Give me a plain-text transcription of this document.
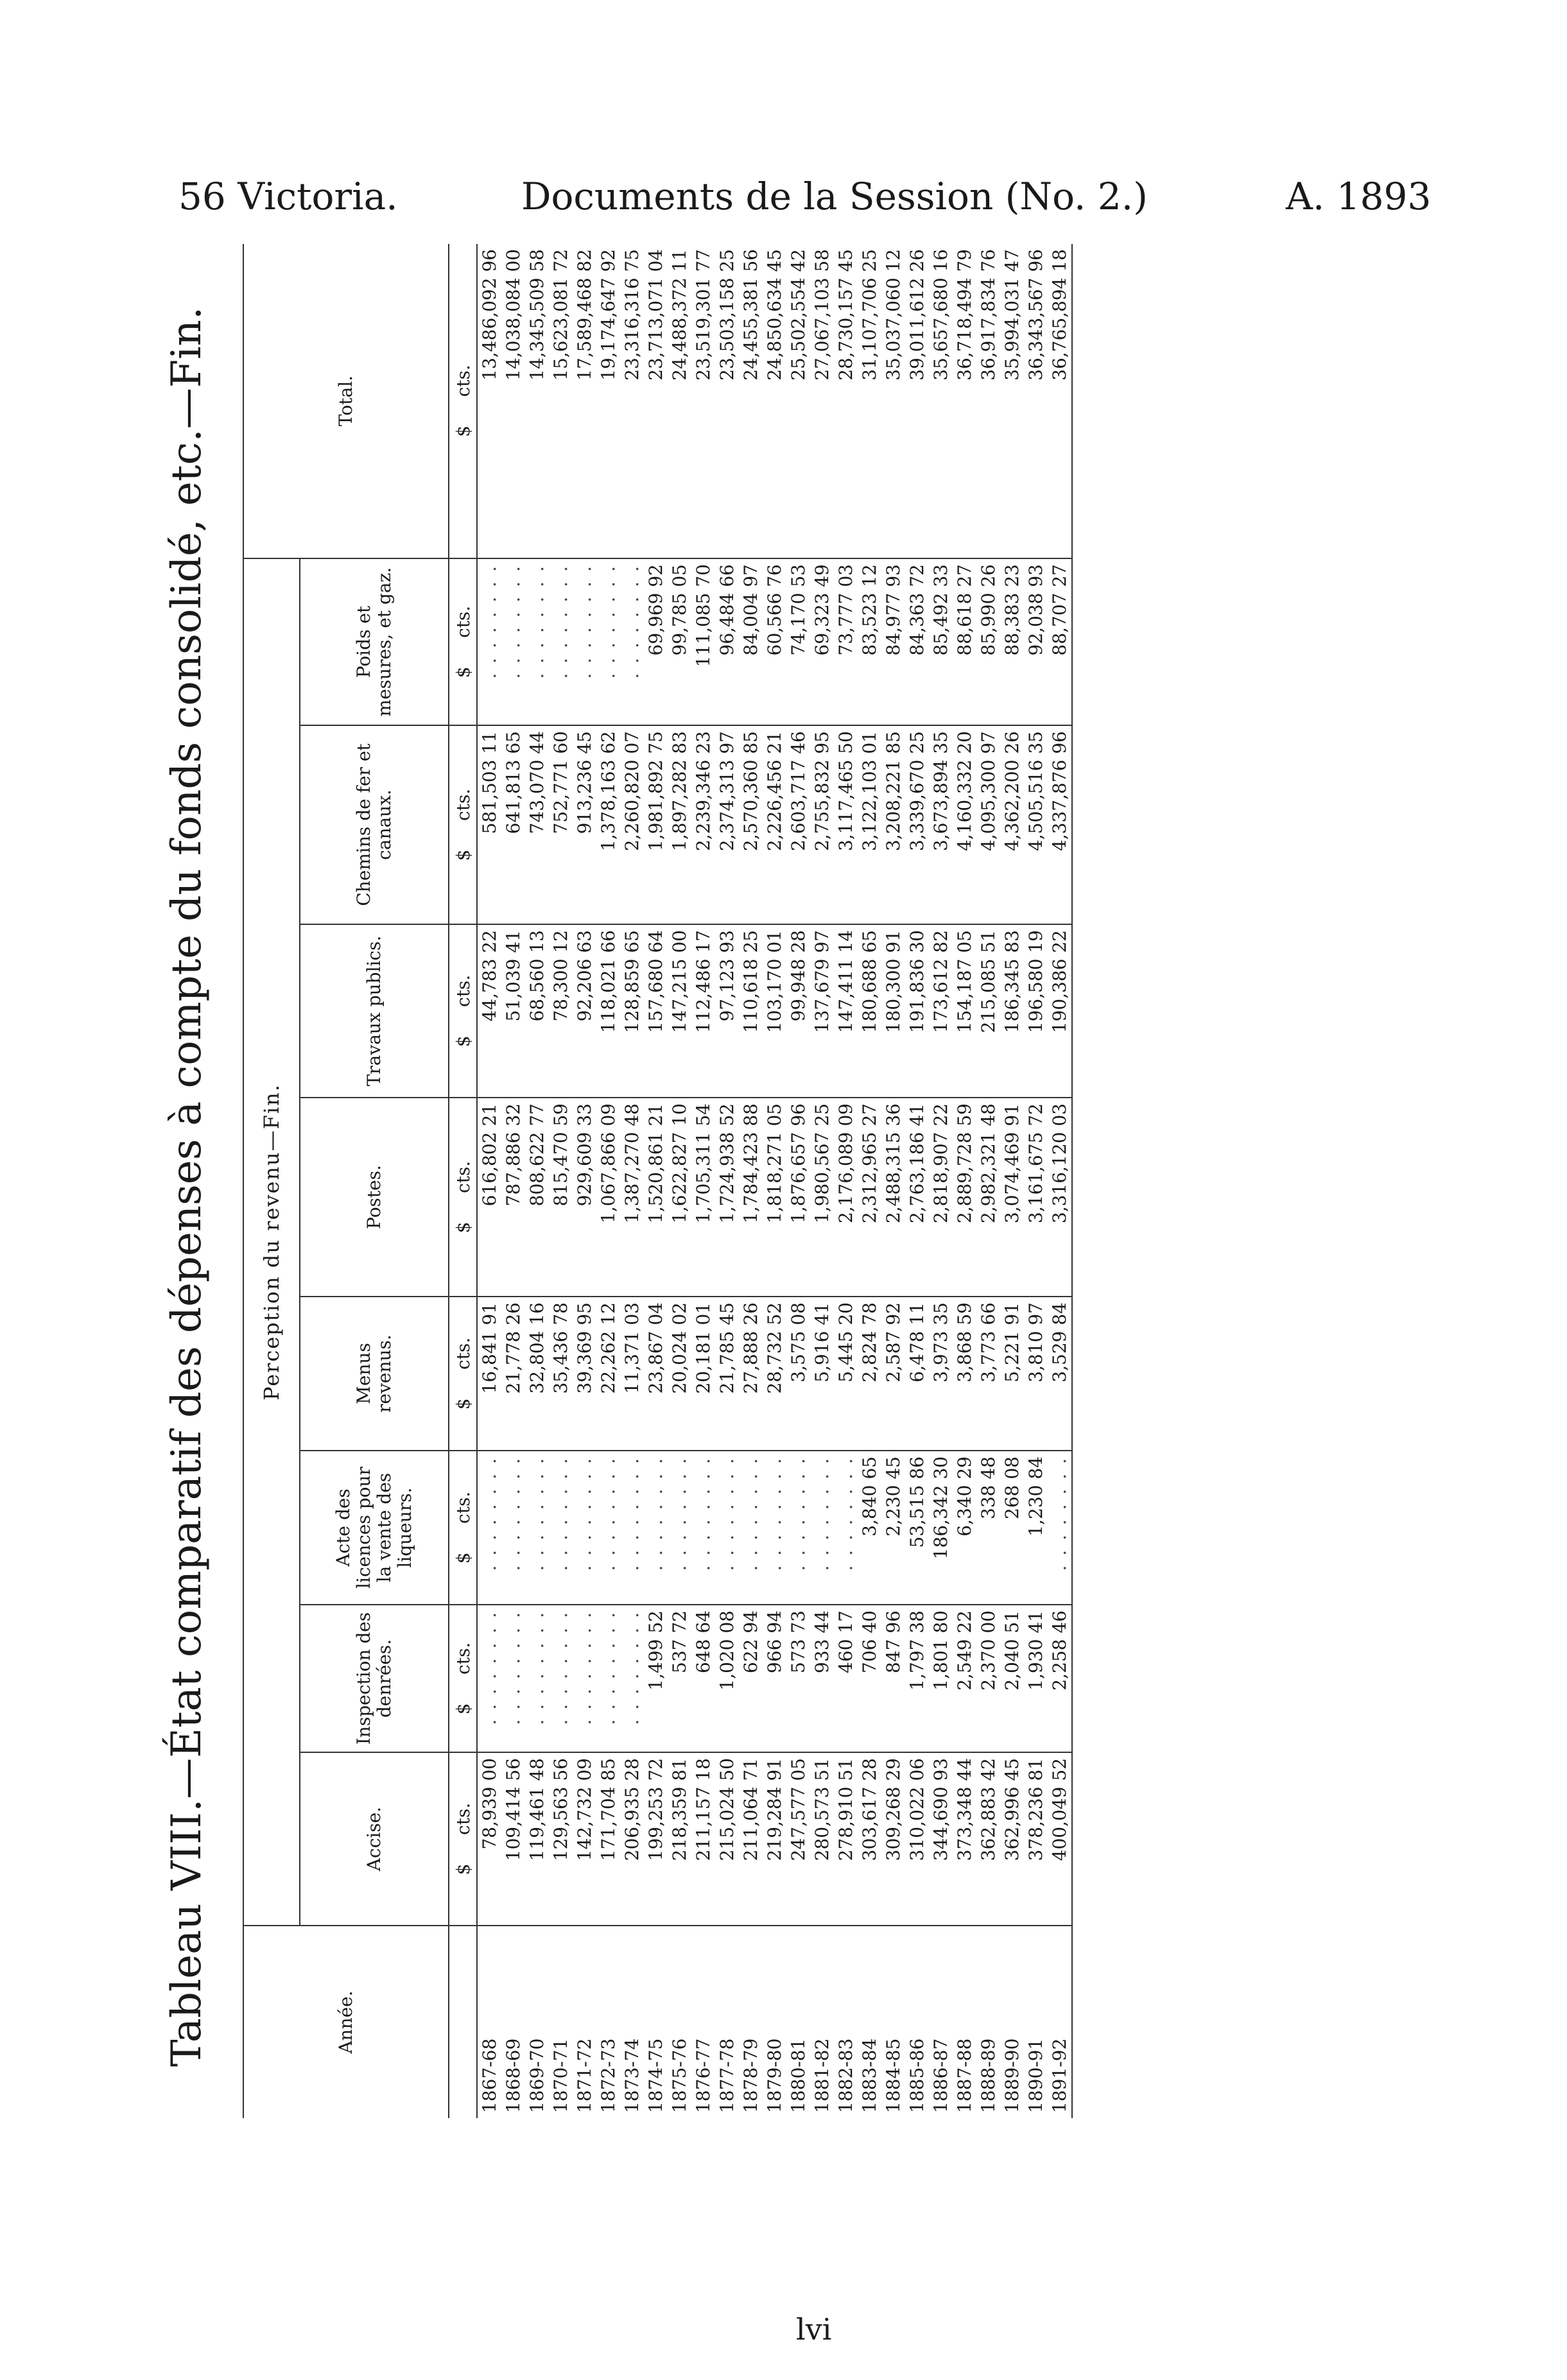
56 Victoria.	Documents de la Session (No. 2.)	A. 1893
Tableau VIII.—État comparatif des dépenses à compte du fonds consolidé, etc.—Fin.	Année.	Perception du revenu—Fin.								Total.
	Accise.	Inspection des denrées.	Acte des licences pour la vente des liqueurs.	Menus revenus.	Postes.	Travaux publics.	Chemins de fer et canaux.	Poids et mesures, et gaz.	
	$     cts.	$     cts.	$     cts.	$     cts.	$     cts.	$     cts.	$     cts.	$     cts.	$     cts.
1867-68	78,939 00	. . . . . . . .	. . . . . . . .	16,841 91	616,802 21	44,783 22	581,503 11	. . . . . . . .	13,486,092 96
1868-69	109,414 56	. . . . . . . .	. . . . . . . .	21,778 26	787,886 32	51,039 41	641,813 65	. . . . . . . .	14,038,084 00
1869-70	119,461 48	. . . . . . . .	. . . . . . . .	32,804 16	808,622 77	68,560 13	743,070 44	. . . . . . . .	14,345,509 58
1870-71	129,563 56	. . . . . . . .	. . . . . . . .	35,436 78	815,470 59	78,300 12	752,771 60	. . . . . . . .	15,623,081 72
1871-72	142,732 09	. . . . . . . .	. . . . . . . .	39,369 95	929,609 33	92,206 63	913,236 45	. . . . . . . .	17,589,468 82
1872-73	171,704 85	. . . . . . . .	. . . . . . . .	22,262 12	1,067,866 09	118,021 66	1,378,163 62	. . . . . . . .	19,174,647 92
1873-74	206,935 28	. . . . . . . .	. . . . . . . .	11,371 03	1,387,270 48	128,859 65	2,260,820 07	. . . . . . . .	23,316,316 75
1874-75	199,253 72	1,499 52	. . . . . . . .	23,867 04	1,520,861 21	157,680 64	1,981,892 75	69,969 92	23,713,071 04
1875-76	218,359 81	537 72	. . . . . . . .	20,024 02	1,622,827 10	147,215 00	1,897,282 83	99,785 05	24,488,372 11
1876-77	211,157 18	648 64	. . . . . . . .	20,181 01	1,705,311 54	112,486 17	2,239,346 23	111,085 70	23,519,301 77
1877-78	215,024 50	1,020 08	. . . . . . . .	21,785 45	1,724,938 52	97,123 93	2,374,313 97	96,484 66	23,503,158 25
1878-79	211,064 71	622 94	. . . . . . . .	27,888 26	1,784,423 88	110,618 25	2,570,360 85	84,004 97	24,455,381 56
1879-80	219,284 91	966 94	. . . . . . . .	28,732 52	1,818,271 05	103,170 01	2,226,456 21	60,566 76	24,850,634 45
1880-81	247,577 05	573 73	. . . . . . . .	3,575 08	1,876,657 96	99,948 28	2,603,717 46	74,170 53	25,502,554 42
1881-82	280,573 51	933 44	. . . . . . . .	5,916 41	1,980,567 25	137,679 97	2,755,832 95	69,323 49	27,067,103 58
1882-83	278,910 51	460 17	. . . . . . . .	5,445 20	2,176,089 09	147,411 14	3,117,465 50	73,777 03	28,730,157 45
1883-84	303,617 28	706 40	3,840 65	2,824 78	2,312,965 27	180,688 65	3,122,103 01	83,523 12	31,107,706 25
1884-85	309,268 29	847 96	2,230 45	2,587 92	2,488,315 36	180,300 91	3,208,221 85	84,977 93	35,037,060 12
1885-86	310,022 06	1,797 38	53,515 86	6,478 11	2,763,186 41	191,836 30	3,339,670 25	84,363 72	39,011,612 26
1886-87	344,690 93	1,801 80	186,342 30	3,973 35	2,818,907 22	173,612 82	3,673,894 35	85,492 33	35,657,680 16
1887-88	373,348 44	2,549 22	6,340 29	3,868 59	2,889,728 59	154,187 05	4,160,332 20	88,618 27	36,718,494 79
1888-89	362,883 42	2,370 00	338 48	3,773 66	2,982,321 48	215,085 51	4,095,300 97	85,990 26	36,917,834 76
1889-90	362,996 45	2,040 51	268 08	5,221 91	3,074,469 91	186,345 83	4,362,200 26	88,383 23	35,994,031 47
1890-91	378,236 81	1,930 41	1,230 84	3,810 97	3,161,675 72	196,580 19	4,505,516 35	92,038 93	36,343,567 96
1891-92	400,049 52	2,258 46	. . . . . . . .	3,529 84	3,316,120 03	190,386 22	4,337,876 96	88,707 27	36,765,894 18
lvi
